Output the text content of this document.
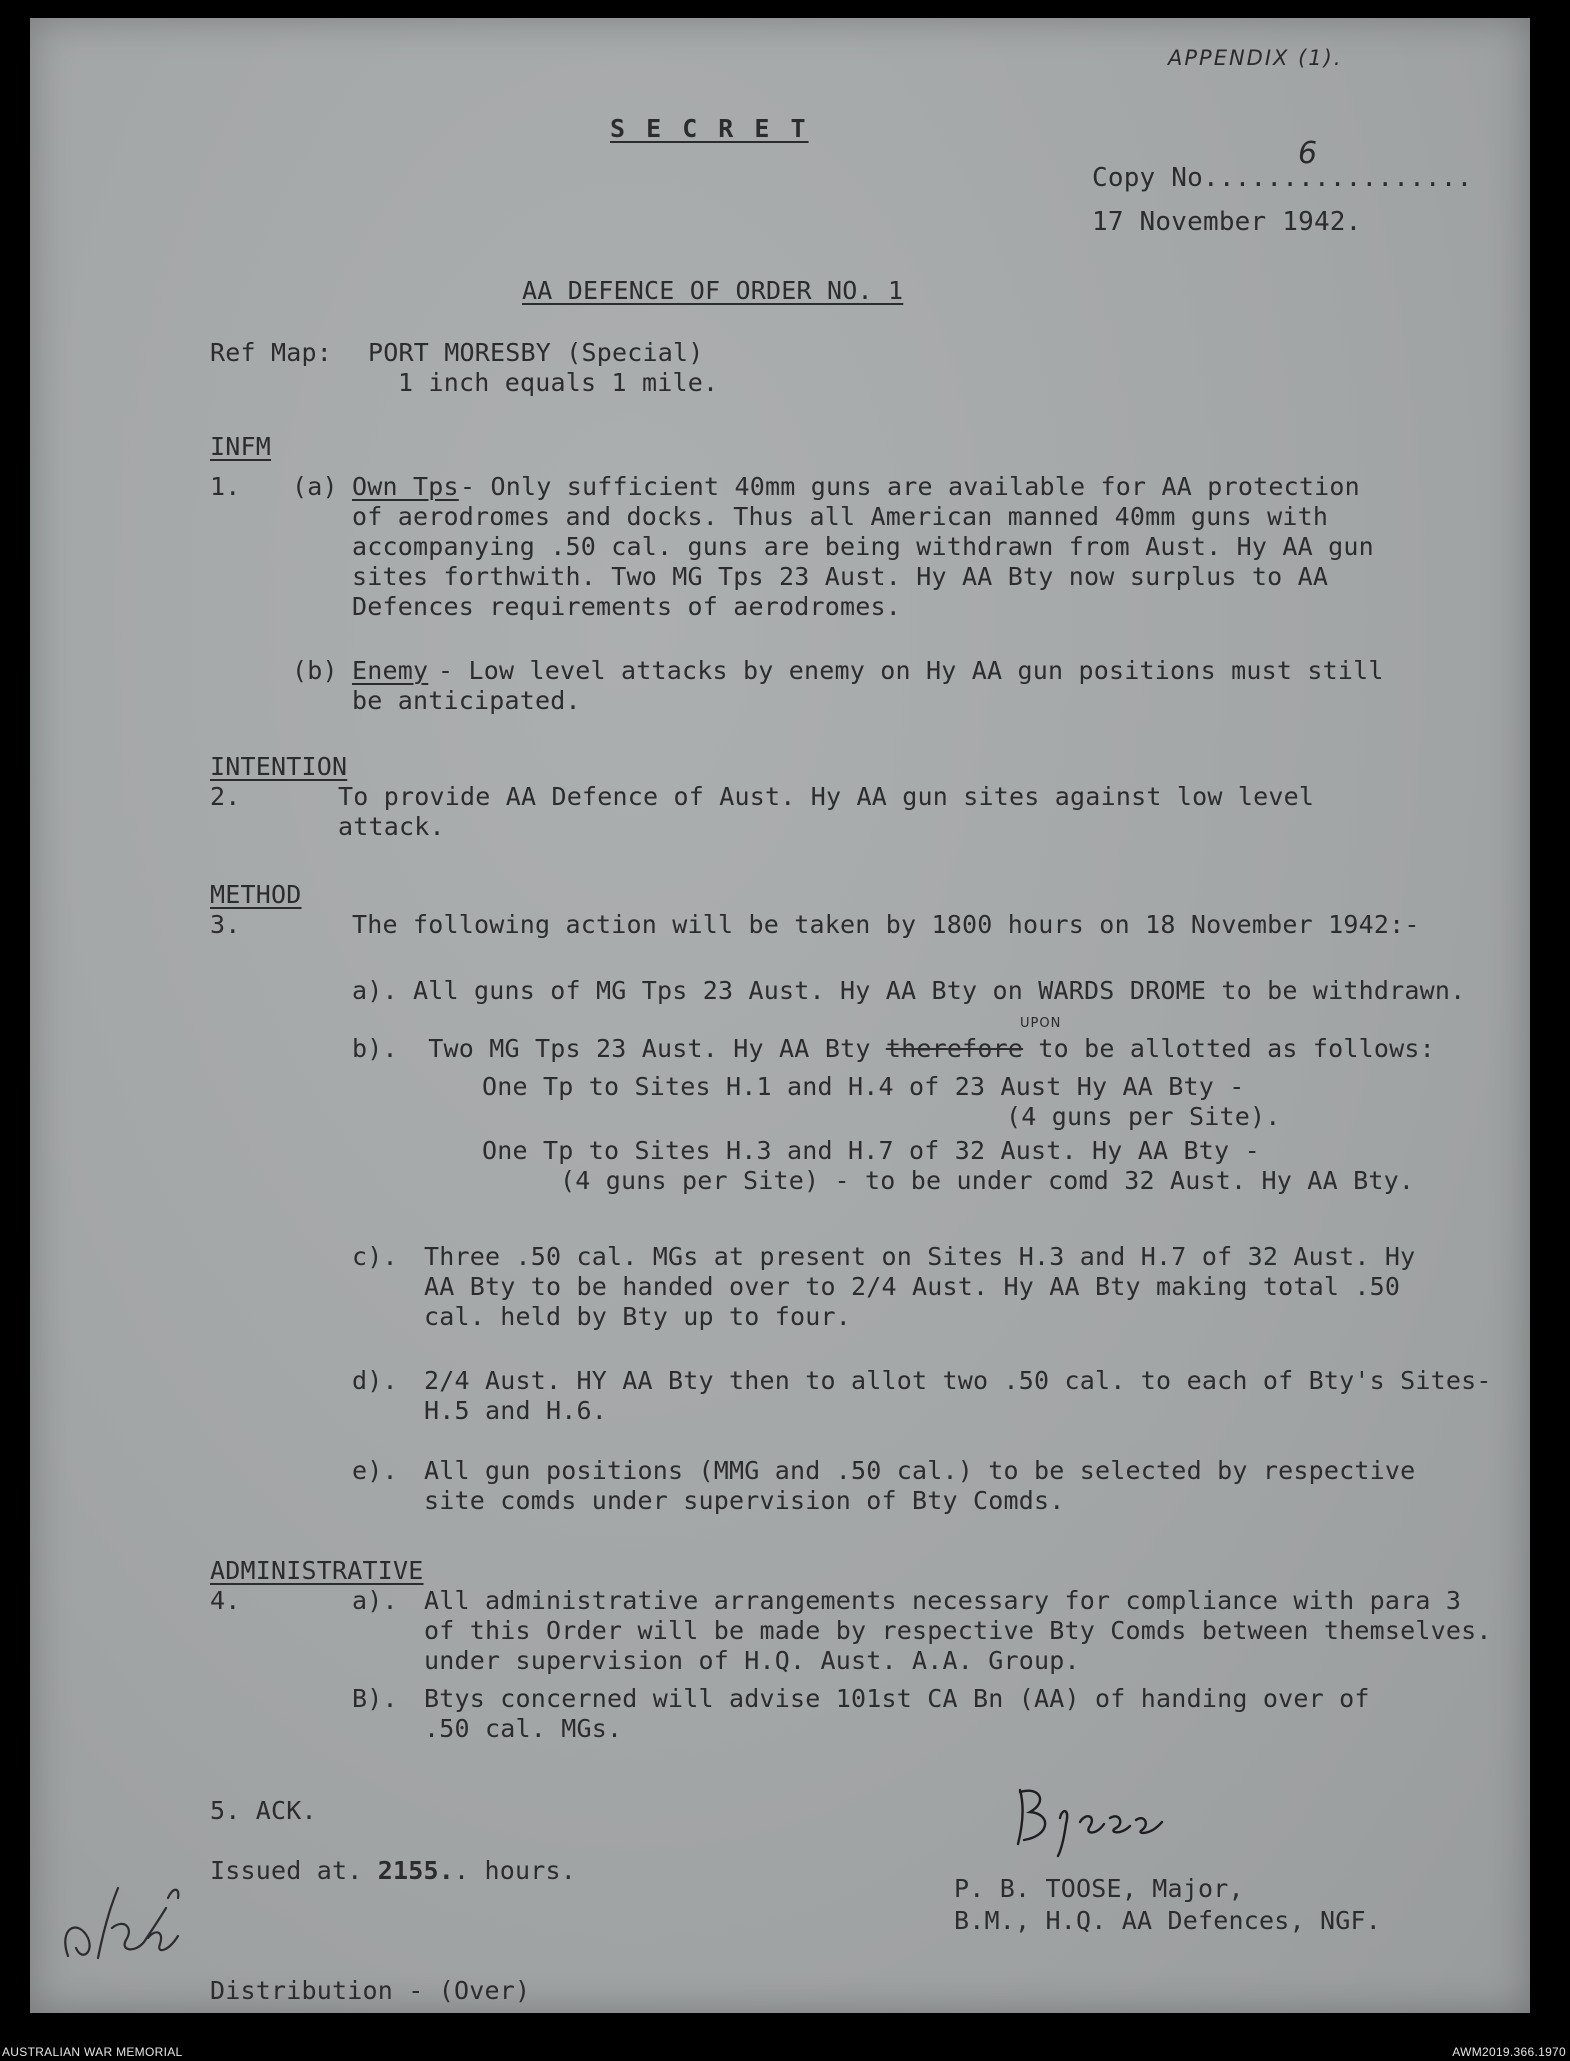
APPENDIX (1).
S E C R E T
Copy No.................
6
17 November 1942.
AA DEFENCE OF ORDER NO. 1
Ref Map: PORT MORESBY (Special)
1 inch equals 1 mile.
INFM
1. (a) Own Tps - Only sufficient 40mm guns are available for AA protection
of aerodromes and docks. Thus all American manned 40mm guns with
accompanying .50 cal. guns are being withdrawn from Aust. Hy AA gun
sites forthwith. Two MG Tps 23 Aust. Hy AA Bty now surplus to AA
Defences requirements of aerodromes.
(b) Enemy - Low level attacks by enemy on Hy AA gun positions must still
be anticipated.
INTENTION
2.	To provide AA Defence of Aust. Hy AA gun sites against low level
attack.
METHOD
3.	The following action will be taken by 1800 hours on 18 November 1942:-
a). All guns of MG Tps 23 Aust. Hy AA Bty on WARDS DROME to be withdrawn.
UPON
b). Two MG Tps 23 Aust. Hy AA Bty therefore to be allotted as follows:
One Tp to Sites H.1 and H.4 of 23 Aust Hy AA Bty -
(4 guns per Site).
One Tp to Sites H.3 and H.7 of 32 Aust. Hy AA Bty -
(4 guns per Site) - to be under comd 32 Aust. Hy AA Bty.
c). Three .50 cal. MGs at present on Sites H.3 and H.7 of 32 Aust. Hy
AA Bty to be handed over to 2/4 Aust. Hy AA Bty making total .50
cal. held by Bty up to four.
d). 2/4 Aust. HY AA Bty then to allot two .50 cal. to each of Bty's Sites-
H.5 and H.6.
e). All gun positions (MMG and .50 cal.) to be selected by respective
site comds under supervision of Bty Comds.
ADMINISTRATIVE
4.	a). All administrative arrangements necessary for compliance with para 3
of this Order will be made by respective Bty Comds between themselves.
under supervision of H.Q. Aust. A.A. Group.
B). Btys concerned will advise 101st CA Bn (AA) of handing over of
.50 cal. MGs.
5. ACK.
Issued at. 2155.. hours.
P. B. TOOSE, Major,
B.M., H.Q. AA Defences, NGF.
Distribution - (Over)
AUSTRALIAN WAR MEMORIAL	AWM2019.366.1970
